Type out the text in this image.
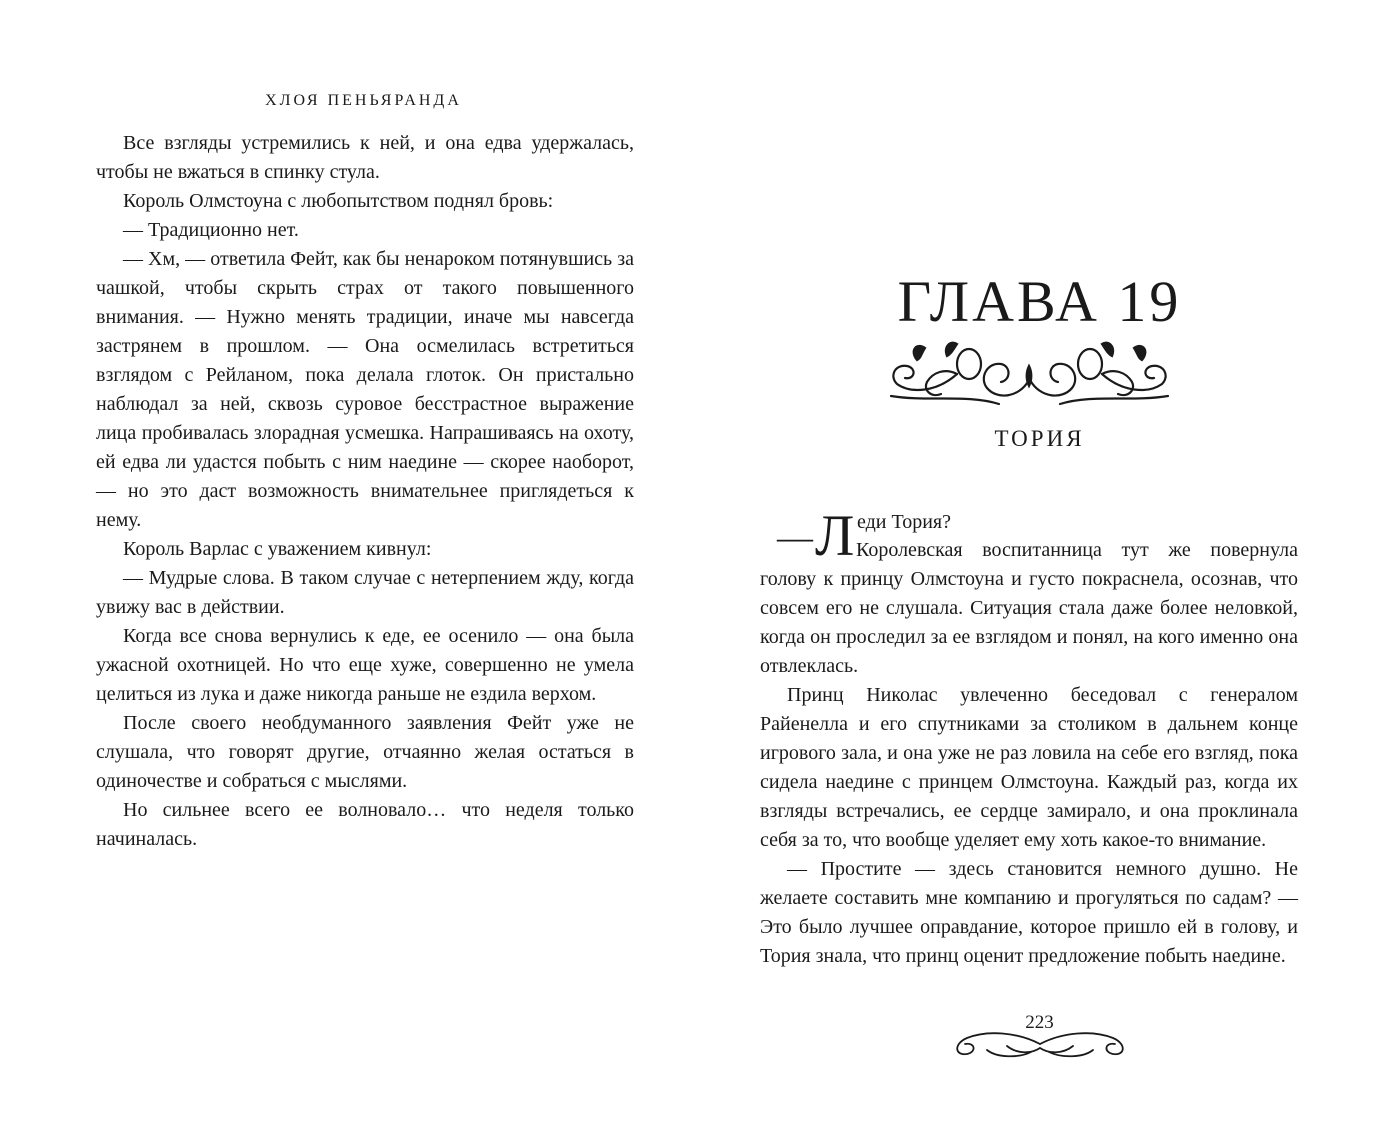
ХЛОЯ ПЕНЬЯРАНДА

Все взгляды устремились к ней, и она едва удержалась, чтобы не вжаться в спинку стула.

Король Олмстоуна с любопытством поднял бровь:

— Традиционно нет.

— Хм, — ответила Фейт, как бы ненароком потянувшись за чашкой, чтобы скрыть страх от такого повышенного внимания. — Нужно менять традиции, иначе мы навсегда застрянем в прошлом. — Она осмелилась встретиться взглядом с Рейланом, пока делала глоток. Он пристально наблюдал за ней, сквозь суровое бесстрастное выражение лица пробивалась злорадная усмешка. Напрашиваясь на охоту, ей едва ли удастся побыть с ним наедине — скорее наоборот, — но это даст возможность внимательнее приглядеться к нему.

Король Варлас с уважением кивнул:

— Мудрые слова. В таком случае с нетерпением жду, когда увижу вас в действии.

Когда все снова вернулись к еде, ее осенило — она была ужасной охотницей. Но что еще хуже, совершенно не умела целиться из лука и даже никогда раньше не ездила верхом.

После своего необдуманного заявления Фейт уже не слушала, что говорят другие, отчаянно желая остаться в одиночестве и собраться с мыслями.

Но сильнее всего ее волновало… что неделя только начиналась.

ГЛАВА 19
ТОРИЯ
— Л еди Тория?

Королевская воспитанница тут же повернула голову к принцу Олмстоуна и густо покраснела, осознав, что совсем его не слушала. Ситуация стала даже более неловкой, когда он проследил за ее взглядом и понял, на кого именно она отвлеклась.

Принц Николас увлеченно беседовал с генералом Райенелла и его спутниками за столиком в дальнем конце игрового зала, и она уже не раз ловила на себе его взгляд, пока сидела наедине с принцем Олмстоуна. Каждый раз, когда их взгляды встречались, ее сердце замирало, и она проклинала себя за то, что вообще уделяет ему хоть какое-то внимание.

— Простите — здесь становится немного душно. Не желаете составить мне компанию и прогуляться по садам? — Это было лучшее оправдание, которое пришло ей в голову, и Тория знала, что принц оценит предложение побыть наедине.

223
